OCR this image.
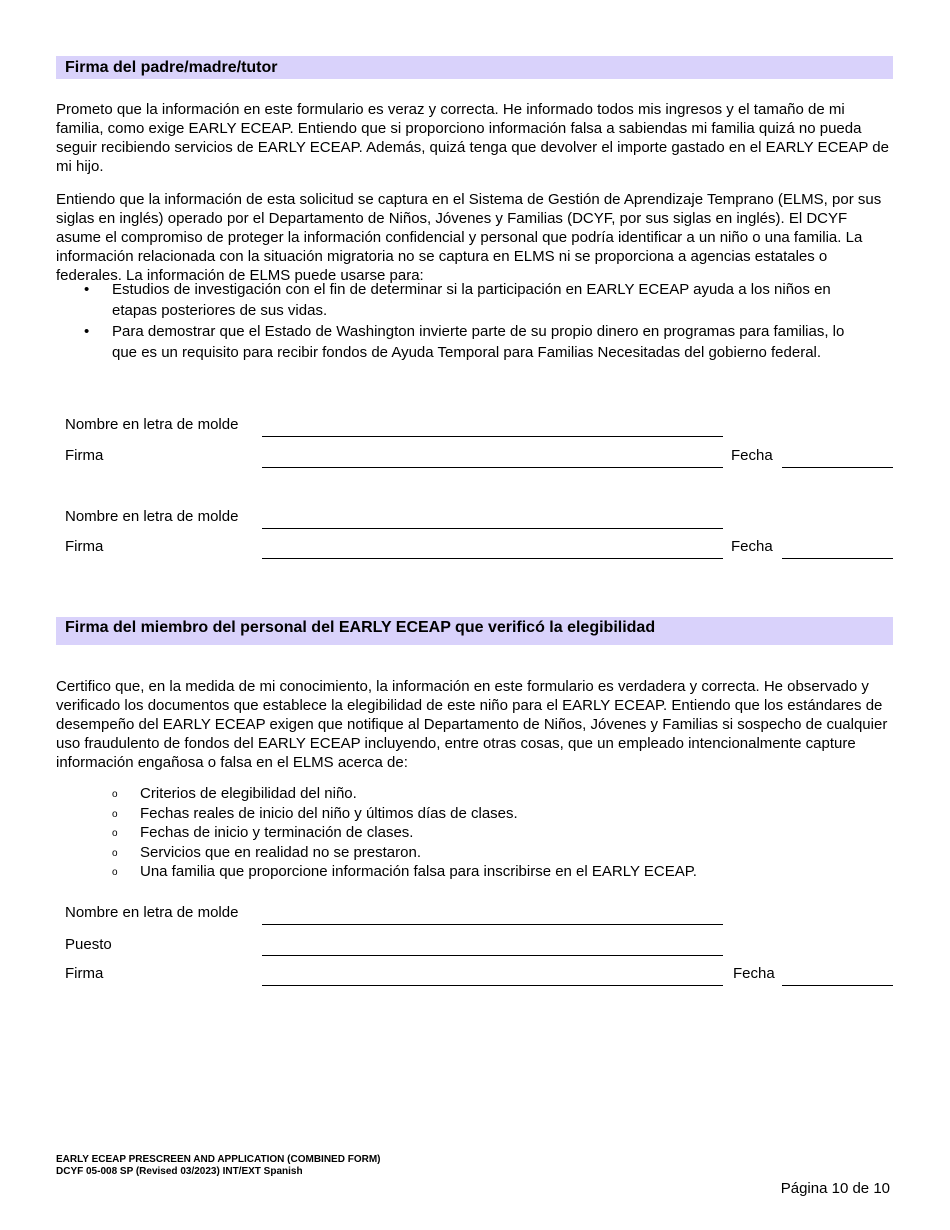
Firma del padre/madre/tutor

Prometo que la información en este formulario es veraz y correcta. He informado todos mis ingresos y el tamaño de mi familia, como exige EARLY ECEAP. Entiendo que si proporciono información falsa a sabiendas mi familia quizá no pueda seguir recibiendo servicios de EARLY ECEAP. Además, quizá tenga que devolver el importe gastado en el EARLY ECEAP de mi hijo.

Entiendo que la información de esta solicitud se captura en el Sistema de Gestión de Aprendizaje Temprano (ELMS, por sus siglas en inglés) operado por el Departamento de Niños, Jóvenes y Familias (DCYF, por sus siglas en inglés). El DCYF asume el compromiso de proteger la información confidencial y personal que podría identificar a un niño o una familia. La información relacionada con la situación migratoria no se captura en ELMS ni se proporciona a agencias estatales o federales. La información de ELMS puede usarse para:

• Estudios de investigación con el fin de determinar si la participación en EARLY ECEAP ayuda a los niños en etapas posteriores de sus vidas.
• Para demostrar que el Estado de Washington invierte parte de su propio dinero en programas para familias, lo que es un requisito para recibir fondos de Ayuda Temporal para Familias Necesitadas del gobierno federal.
Nombre en letra de molde
Firma	Fecha
Nombre en letra de molde
Firma	Fecha
Firma del miembro del personal del EARLY ECEAP que verificó la elegibilidad

Certifico que, en la medida de mi conocimiento, la información en este formulario es verdadera y correcta. He observado y verificado los documentos que establece la elegibilidad de este niño para el EARLY ECEAP. Entiendo que los estándares de desempeño del EARLY ECEAP exigen que notifique al Departamento de Niños, Jóvenes y Familias si sospecho de cualquier uso fraudulento de fondos del EARLY ECEAP incluyendo, entre otras cosas, que un empleado intencionalmente capture información engañosa o falsa en el ELMS acerca de:

o Criterios de elegibilidad del niño.
o Fechas reales de inicio del niño y últimos días de clases.
o Fechas de inicio y terminación de clases.
o Servicios que en realidad no se prestaron.
o Una familia que proporcione información falsa para inscribirse en el EARLY ECEAP.
Nombre en letra de molde
Puesto
Firma	Fecha
EARLY ECEAP PRESCREEN AND APPLICATION (COMBINED FORM)
DCYF 05-008 SP (Revised 03/2023) INT/EXT Spanish
Página 10 de 10
